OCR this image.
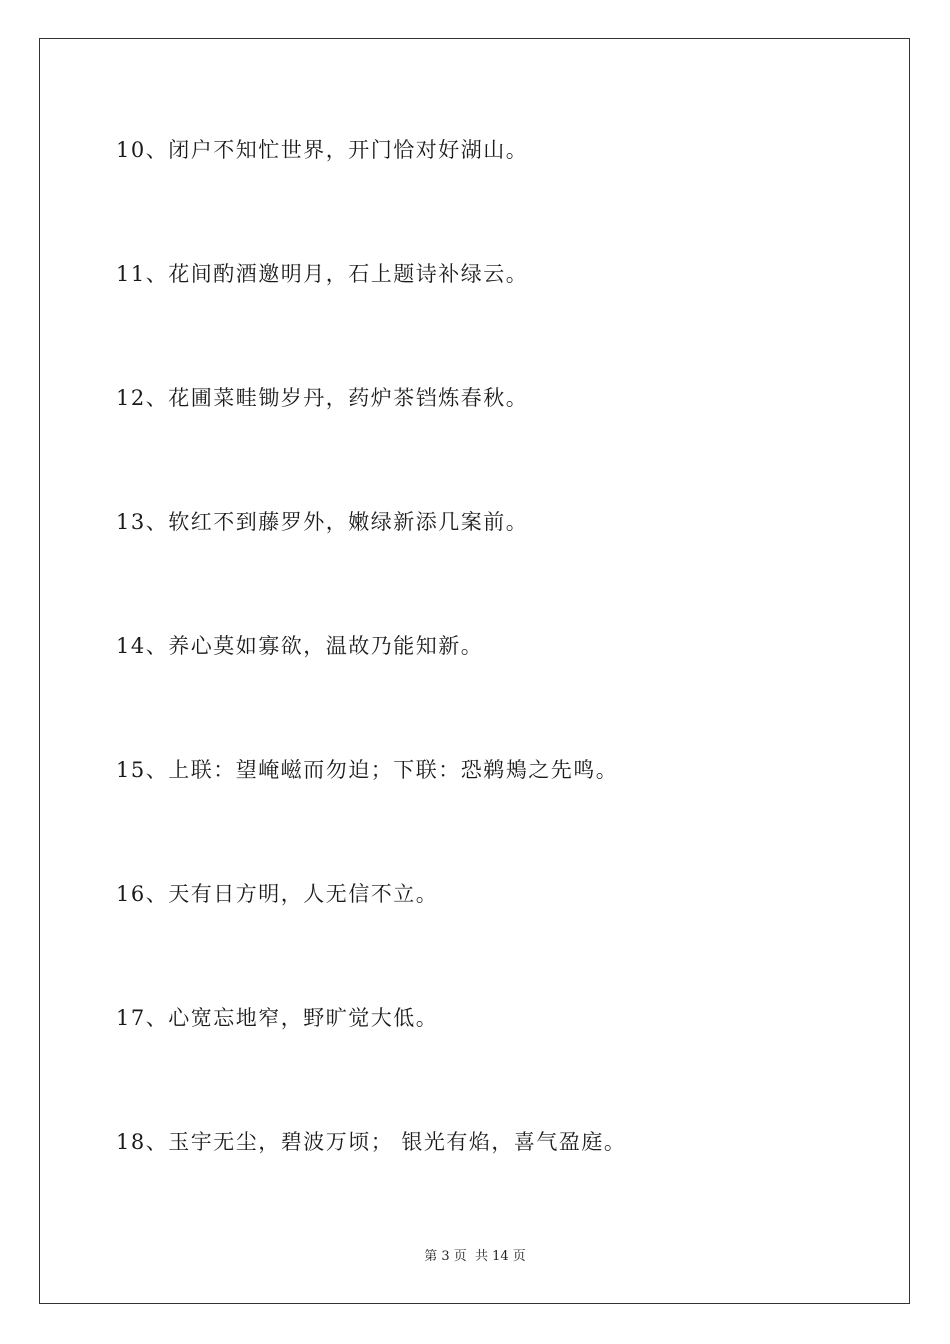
10、闭户不知忙世界，开门恰对好湖山。
11、花间酌酒邀明月，石上题诗补绿云。
12、花圃菜畦锄岁丹，药炉茶铛炼春秋。
13、软红不到藤罗外，嫩绿新添几案前。
14、养心莫如寡欲，温故乃能知新。
15、上联：望崦嵫而勿迫；下联：恐鹈鴂之先鸣。
16、天有日方明，人无信不立。
17、心宽忘地窄，野旷觉大低。
18、玉宇无尘，碧波万顷； 银光有焰，喜气盈庭。
第 3 页  共 14 页
